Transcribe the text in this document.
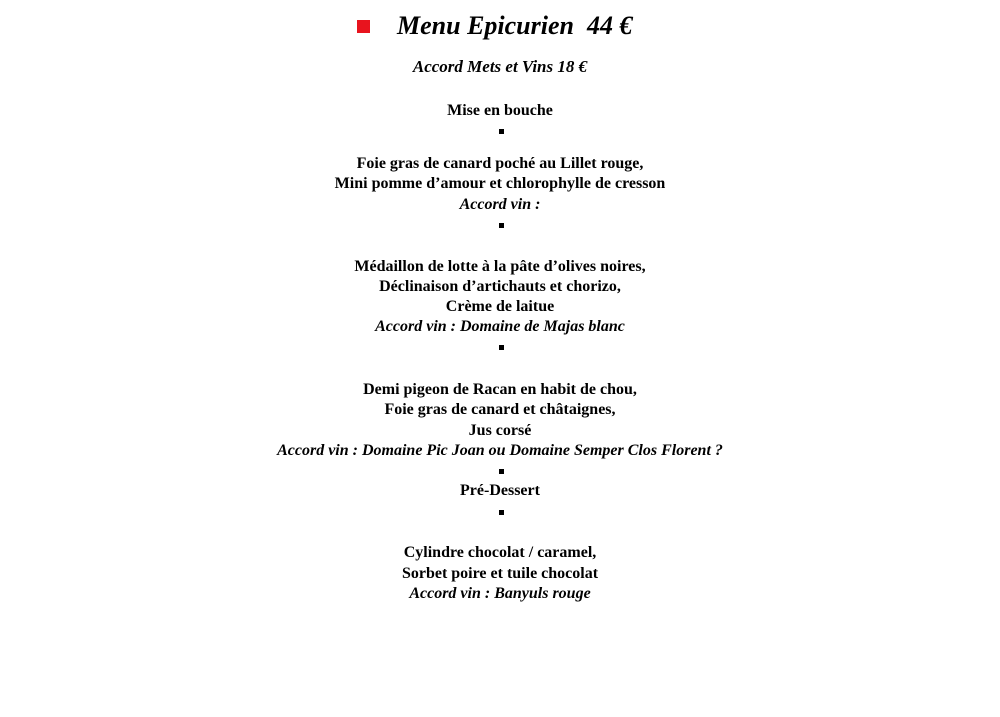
Menu Epicurien  44 €
Accord Mets et Vins 18 €
Mise en bouche
Foie gras de canard poché au Lillet rouge,
Mini pomme d’amour et chlorophylle de cresson
Accord vin :
Médaillon de lotte à la pâte d’olives noires,
Déclinaison d’artichauts et chorizo,
Crème de laitue
Accord vin : Domaine de Majas blanc
Demi pigeon de Racan en habit de chou,
Foie gras de canard et châtaignes,
Jus corsé
Accord vin : Domaine Pic Joan ou Domaine Semper Clos Florent ?
Pré-Dessert
Cylindre chocolat / caramel,
Sorbet poire et tuile chocolat
Accord vin : Banyuls rouge
